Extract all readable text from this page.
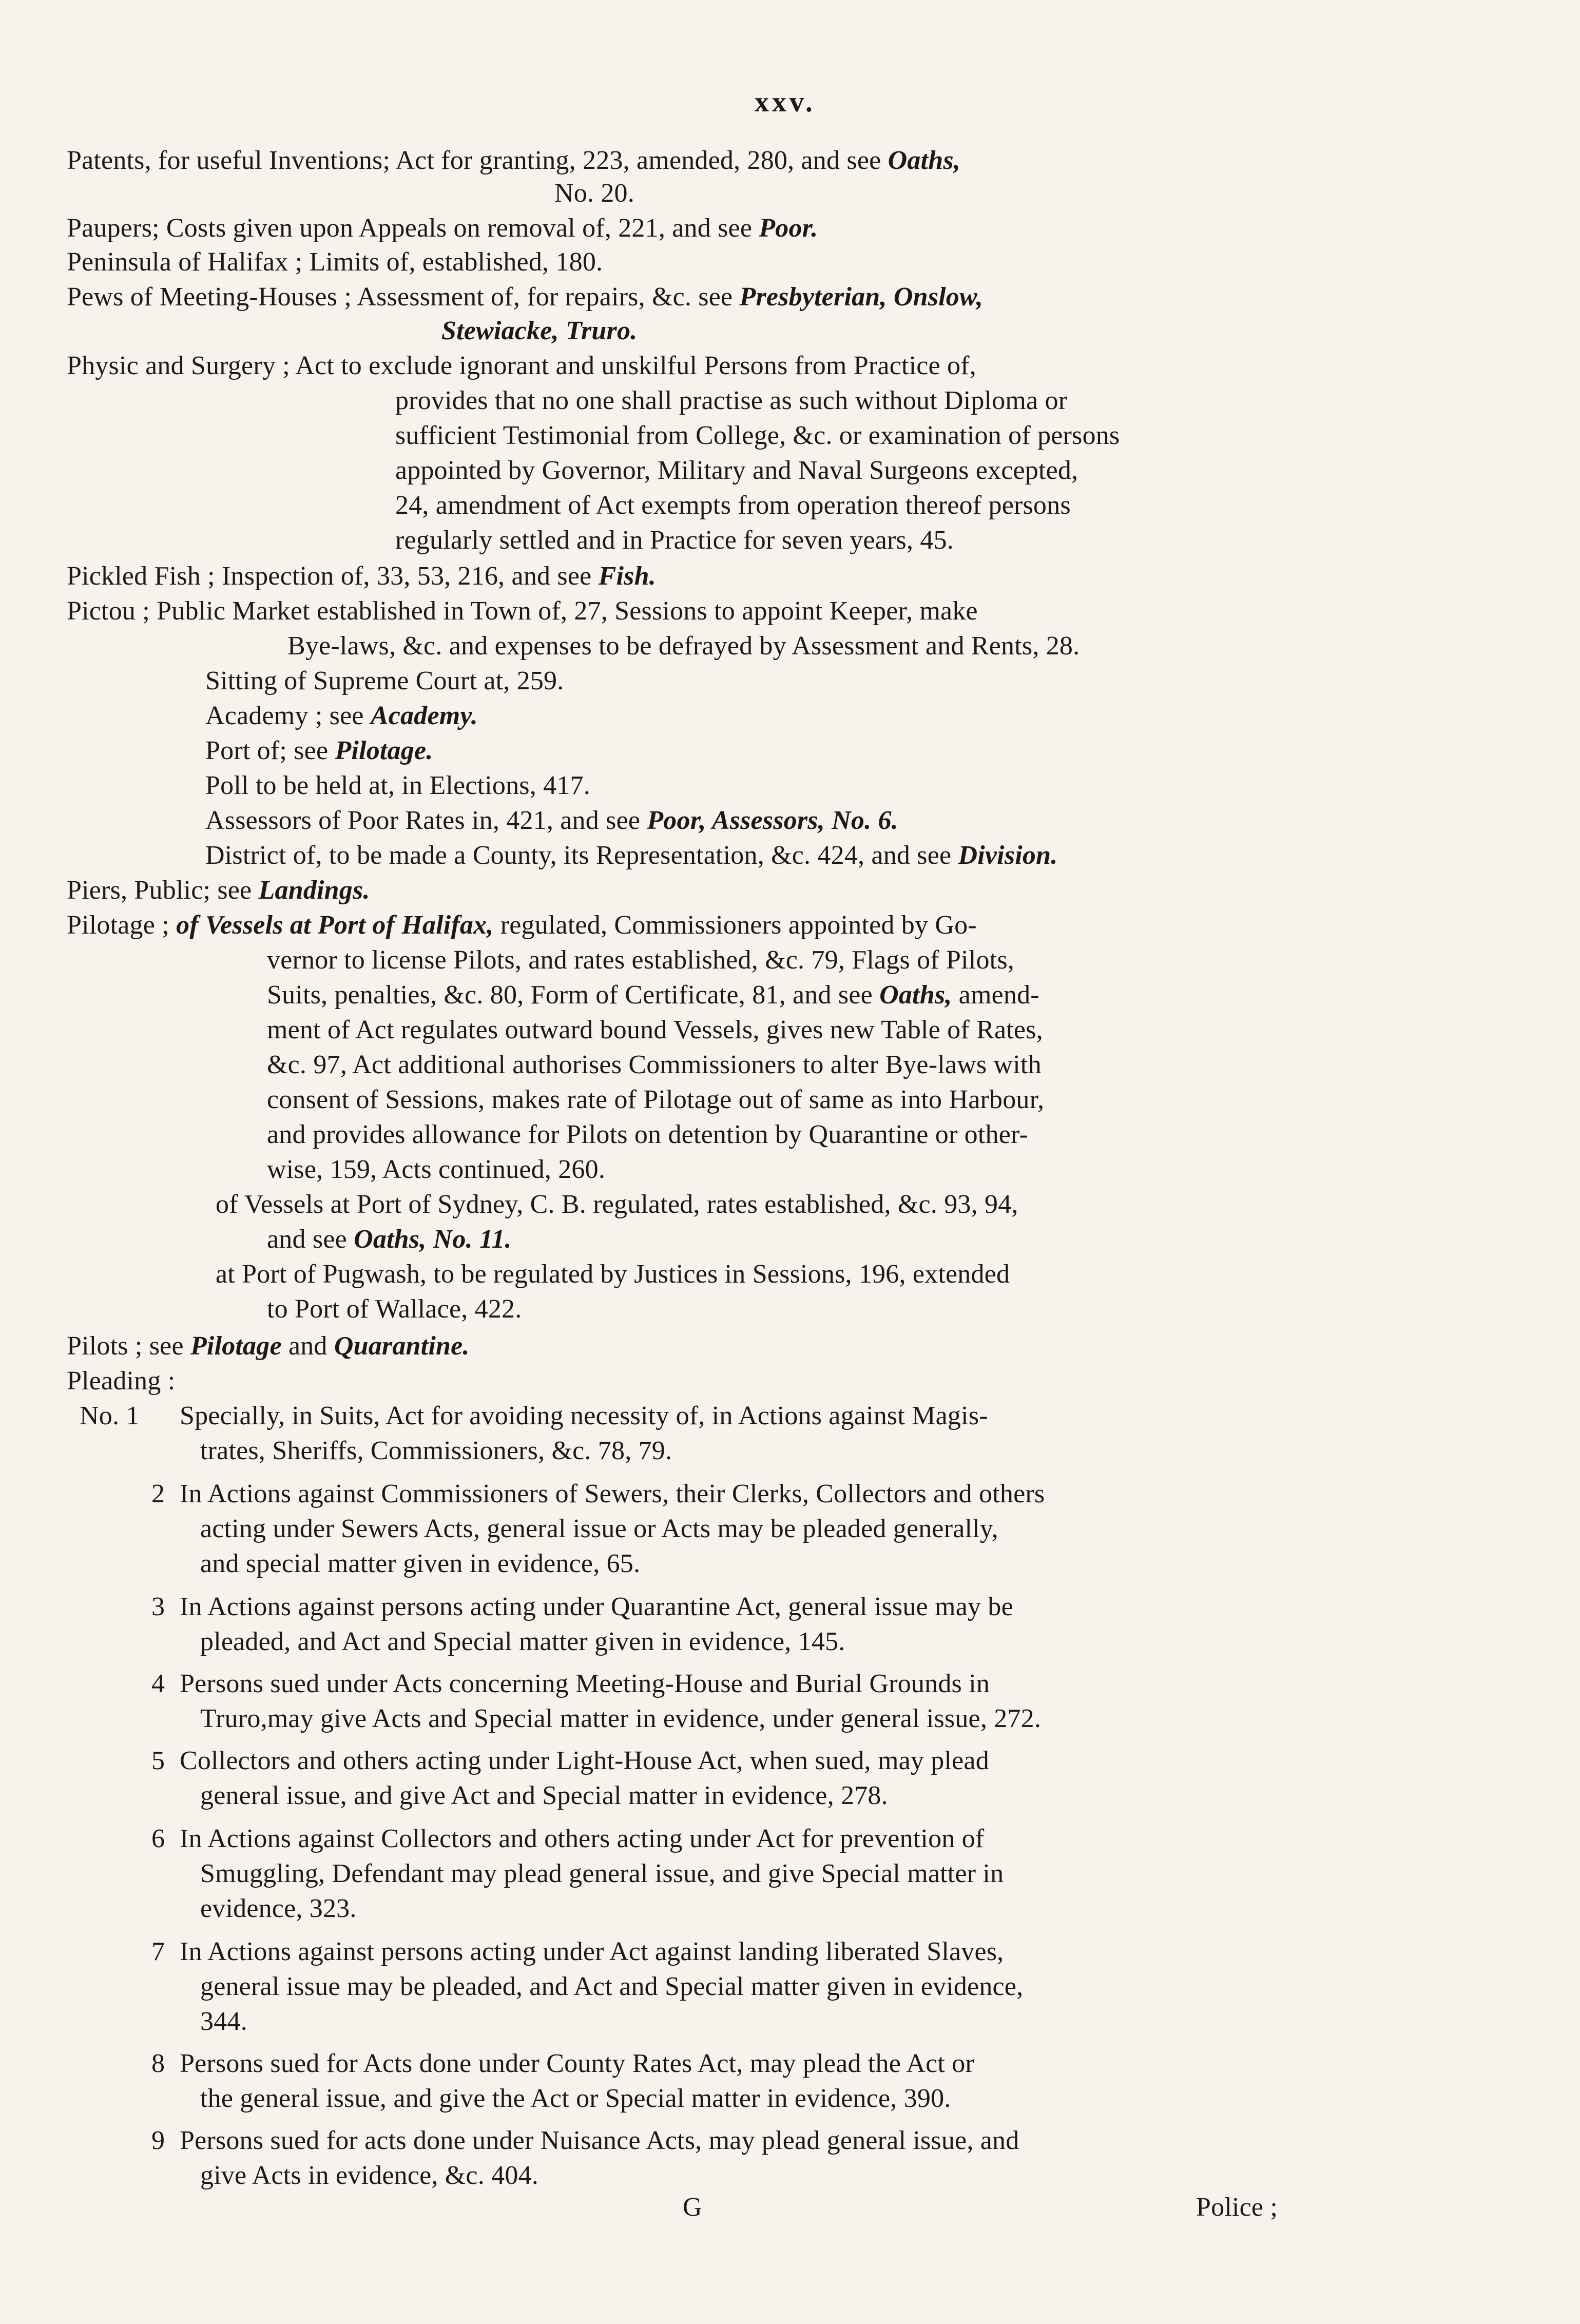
xxv.
Patents, for useful Inventions; Act for granting, 223, amended, 280, and see Oaths,
No. 20.
Paupers; Costs given upon Appeals on removal of, 221, and see Poor.
Peninsula of Halifax ; Limits of, established, 180.
Pews of Meeting-Houses ; Assessment of, for repairs, &c. see Presbyterian, Onslow,
Stewiacke, Truro.
Physic and Surgery ; Act to exclude ignorant and unskilful Persons from Practice of,
provides that no one shall practise as such without Diploma or
sufficient Testimonial from College, &c. or examination of persons
appointed by Governor, Military and Naval Surgeons excepted,
24, amendment of Act exempts from operation thereof persons
regularly settled and in Practice for seven years, 45.
Pickled Fish ; Inspection of, 33, 53, 216, and see Fish.
Pictou ; Public Market established in Town of, 27, Sessions to appoint Keeper, make
Bye-laws, &c. and expenses to be defrayed by Assessment and Rents, 28.
Sitting of Supreme Court at, 259.
Academy ; see Academy.
Port of; see Pilotage.
Poll to be held at, in Elections, 417.
Assessors of Poor Rates in, 421, and see Poor, Assessors, No. 6.
District of, to be made a County, its Representation, &c. 424, and see Division.
Piers, Public; see Landings.
Pilotage ; of Vessels at Port of Halifax, regulated, Commissioners appointed by Go-
vernor to license Pilots, and rates established, &c. 79, Flags of Pilots,
Suits, penalties, &c. 80, Form of Certificate, 81, and see Oaths, amend-
ment of Act regulates outward bound Vessels, gives new Table of Rates,
&c. 97, Act additional authorises Commissioners to alter Bye-laws with
consent of Sessions, makes rate of Pilotage out of same as into Harbour,
and provides allowance for Pilots on detention by Quarantine or other-
wise, 159, Acts continued, 260.
of Vessels at Port of Sydney, C. B. regulated, rates established, &c. 93, 94,
and see Oaths, No. 11.
at Port of Pugwash, to be regulated by Justices in Sessions, 196, extended
to Port of Wallace, 422.
Pilots ; see Pilotage and Quarantine.
Pleading :
No. 1 Specially, in Suits, Act for avoiding necessity of, in Actions against Magis-
trates, Sheriffs, Commissioners, &c. 78, 79.
2 In Actions against Commissioners of Sewers, their Clerks, Collectors and others
acting under Sewers Acts, general issue or Acts may be pleaded generally,
and special matter given in evidence, 65.
3 In Actions against persons acting under Quarantine Act, general issue may be
pleaded, and Act and Special matter given in evidence, 145.
4 Persons sued under Acts concerning Meeting-House and Burial Grounds in
Truro,may give Acts and Special matter in evidence, under general issue, 272.
5 Collectors and others acting under Light-House Act, when sued, may plead
general issue, and give Act and Special matter in evidence, 278.
6 In Actions against Collectors and others acting under Act for prevention of
Smuggling, Defendant may plead general issue, and give Special matter in
evidence, 323.
7 In Actions against persons acting under Act against landing liberated Slaves,
general issue may be pleaded, and Act and Special matter given in evidence,
344.
8 Persons sued for Acts done under County Rates Act, may plead the Act or
the general issue, and give the Act or Special matter in evidence, 390.
9 Persons sued for acts done under Nuisance Acts, may plead general issue, and
give Acts in evidence, &c. 404.
G	Police ;
